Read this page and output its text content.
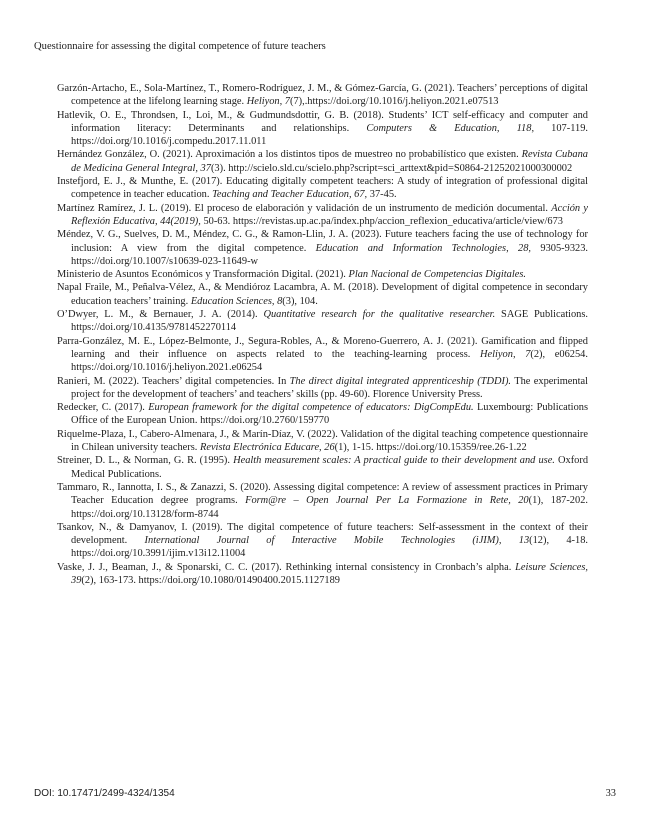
Questionnaire for assessing the digital competence of future teachers

Garzón-Artacho, E., Sola-Martínez, T., Romero-Rodríguez, J. M., & Gómez-García, G. (2021). Teachers’ perceptions of digital competence at the lifelong learning stage. Heliyon, 7(7),.https://doi.org/10.1016/j.heliyon.2021.e07513

Hatlevik, O. E., Throndsen, I., Loi, M., & Gudmundsdottir, G. B. (2018). Students’ ICT self-efficacy and computer and information literacy: Determinants and relationships. Computers & Education, 118, 107-119. https://doi.org/10.1016/j.compedu.2017.11.011

Hernández González, O. (2021). Aproximación a los distintos tipos de muestreo no probabilístico que existen. Revista Cubana de Medicina General Integral, 37(3). http://scielo.sld.cu/scielo.php?script=sci_arttext&pid=S0864-21252021000300002

Instefjord, E. J., & Munthe, E. (2017). Educating digitally competent teachers: A study of integration of professional digital competence in teacher education. Teaching and Teacher Education, 67, 37-45.

Martínez Ramírez, J. L. (2019). El proceso de elaboración y validación de un instrumento de medición documental. Acción y Reflexión Educativa, 44(2019), 50-63. https://revistas.up.ac.pa/index.php/accion_reflexion_educativa/article/view/673

Méndez, V. G., Suelves, D. M., Méndez, C. G., & Ramon-Llin, J. A. (2023). Future teachers facing the use of technology for inclusion: A view from the digital competence. Education and Information Technologies, 28, 9305-9323. https://doi.org/10.1007/s10639-023-11649-w

Ministerio de Asuntos Económicos y Transformación Digital. (2021). Plan Nacional de Competencias Digitales.

Napal Fraile, M., Peñalva-Vélez, A., & Mendióroz Lacambra, A. M. (2018). Development of digital competence in secondary education teachers’ training. Education Sciences, 8(3), 104.

O’Dwyer, L. M., & Bernauer, J. A. (2014). Quantitative research for the qualitative researcher. SAGE Publications. https://doi.org/10.4135/9781452270114

Parra-González, M. E., López-Belmonte, J., Segura-Robles, A., & Moreno-Guerrero, A. J. (2021). Gamification and flipped learning and their influence on aspects related to the teaching-learning process. Heliyon, 7(2), e06254. https://doi.org/10.1016/j.heliyon.2021.e06254

Ranieri, M. (2022). Teachers’ digital competencies. In The direct digital integrated apprenticeship (TDDI). The experimental project for the development of teachers’ and teachers’ skills (pp. 49-60). Florence University Press.

Redecker, C. (2017). European framework for the digital competence of educators: DigCompEdu. Luxembourg: Publications Office of the European Union. https://doi.org/10.2760/159770

Riquelme-Plaza, I., Cabero-Almenara, J., & Marín-Díaz, V. (2022). Validation of the digital teaching competence questionnaire in Chilean university teachers. Revista Electrónica Educare, 26(1), 1-15. https://doi.org/10.15359/ree.26-1.22

Streiner, D. L., & Norman, G. R. (1995). Health measurement scales: A practical guide to their development and use. Oxford Medical Publications.

Tammaro, R., Iannotta, I. S., & Zanazzi, S. (2020). Assessing digital competence: A review of assessment practices in Primary Teacher Education degree programs. Form@re – Open Journal Per La Formazione in Rete, 20(1), 187-202. https://doi.org/10.13128/form-8744

Tsankov, N., & Damyanov, I. (2019). The digital competence of future teachers: Self-assessment in the context of their development. International Journal of Interactive Mobile Technologies (iJIM), 13(12), 4-18. https://doi.org/10.3991/ijim.v13i12.11004

Vaske, J. J., Beaman, J., & Sponarski, C. C. (2017). Rethinking internal consistency in Cronbach’s alpha. Leisure Sciences, 39(2), 163-173. https://doi.org/10.1080/01490400.2015.1127189

DOI: 10.17471/2499-4324/1354	33
